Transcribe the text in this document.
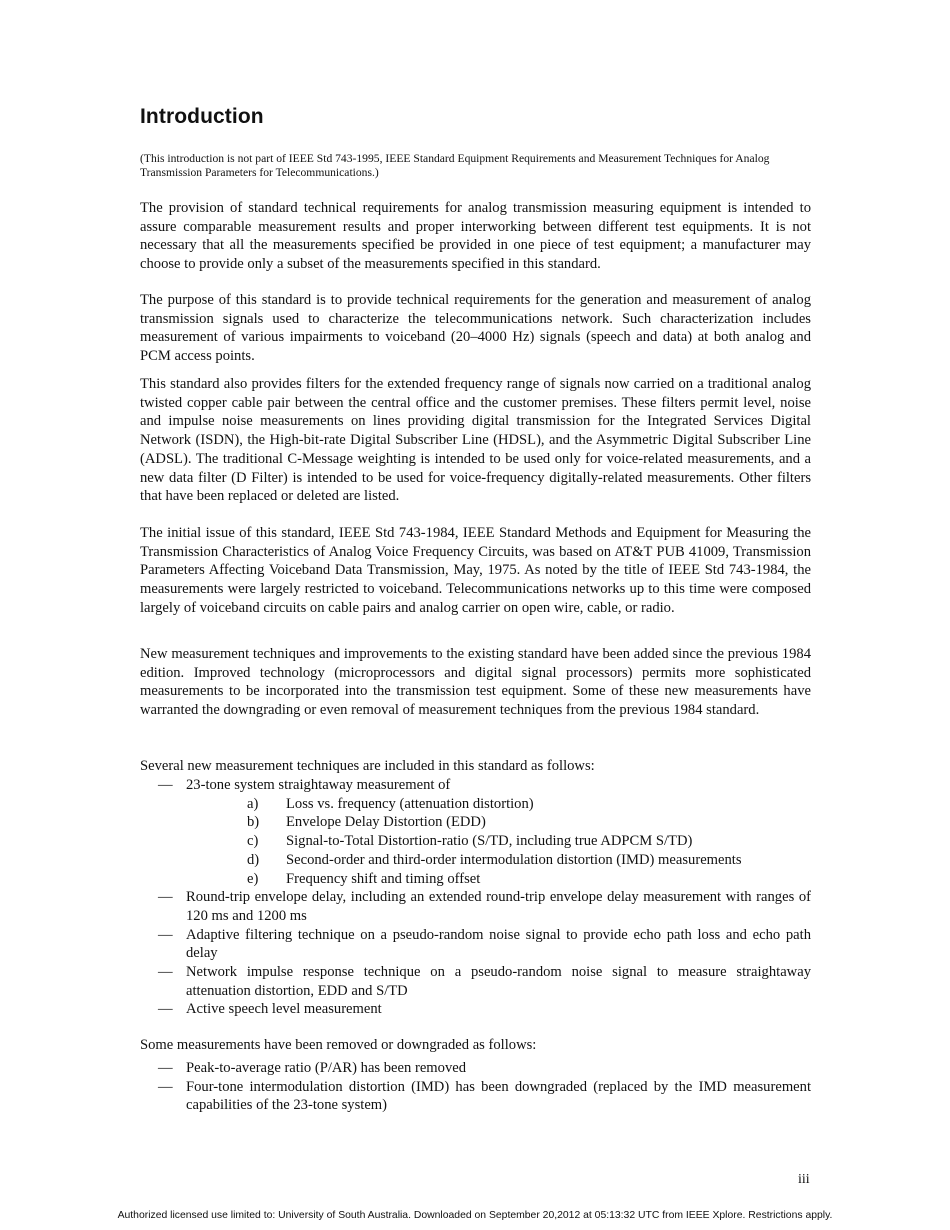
Introduction

(This introduction is not part of IEEE Std 743-1995, IEEE Standard Equipment Requirements and Measurement Techniques for Analog Transmission Parameters for Telecommunications.)

The provision of standard technical requirements for analog transmission measuring equipment is intended to assure comparable measurement results and proper interworking between different test equipments. It is not necessary that all the measurements specified be provided in one piece of test equipment; a manufacturer may choose to provide only a subset of the measurements specified in this standard.

The purpose of this standard is to provide technical requirements for the generation and measurement of analog transmission signals used to characterize the telecommunications network. Such characterization includes measurement of various impairments to voiceband (20–4000 Hz) signals (speech and data) at both analog and PCM access points.

This standard also provides filters for the extended frequency range of signals now carried on a traditional analog twisted copper cable pair between the central office and the customer premises. These filters permit level, noise and impulse noise measurements on lines providing digital transmission for the Integrated Services Digital Network (ISDN), the High-bit-rate Digital Subscriber Line (HDSL), and the Asymmetric Digital Subscriber Line (ADSL). The traditional C-Message weighting is intended to be used only for voice-related measurements, and a new data filter (D Filter) is intended to be used for voice-frequency digitally-related measurements. Other filters that have been replaced or deleted are listed.

The initial issue of this standard, IEEE Std 743-1984, IEEE Standard Methods and Equipment for Measuring the Transmission Characteristics of Analog Voice Frequency Circuits, was based on AT&T PUB 41009, Transmission Parameters Affecting Voiceband Data Transmission, May, 1975. As noted by the title of IEEE Std 743-1984, the measurements were largely restricted to voiceband. Telecommunications networks up to this time were composed largely of voiceband circuits on cable pairs and analog carrier on open wire, cable, or radio.

New measurement techniques and improvements to the existing standard have been added since the previous 1984 edition. Improved technology (microprocessors and digital signal processors) permits more sophisticated measurements to be incorporated into the transmission test equipment. Some of these new measurements have warranted the downgrading or even removal of measurement techniques from the previous 1984 standard.

Several new measurement techniques are included in this standard as follows:

— 23-tone system straightaway measurement of
a) Loss vs. frequency (attenuation distortion)
b) Envelope Delay Distortion (EDD)
c) Signal-to-Total Distortion-ratio (S/TD, including true ADPCM S/TD)
d) Second-order and third-order intermodulation distortion (IMD) measurements
e) Frequency shift and timing offset
— Round-trip envelope delay, including an extended round-trip envelope delay measurement with ranges of 120 ms and 1200 ms
— Adaptive filtering technique on a pseudo-random noise signal to provide echo path loss and echo path delay
— Network impulse response technique on a pseudo-random noise signal to measure straightaway attenuation distortion, EDD and S/TD
— Active speech level measurement

Some measurements have been removed or downgraded as follows:

— Peak-to-average ratio (P/AR) has been removed
— Four-tone intermodulation distortion (IMD) has been downgraded (replaced by the IMD measurement capabilities of the 23-tone system)
iii
Authorized licensed use limited to: University of South Australia. Downloaded on September 20,2012 at 05:13:32 UTC from IEEE Xplore. Restrictions apply.
